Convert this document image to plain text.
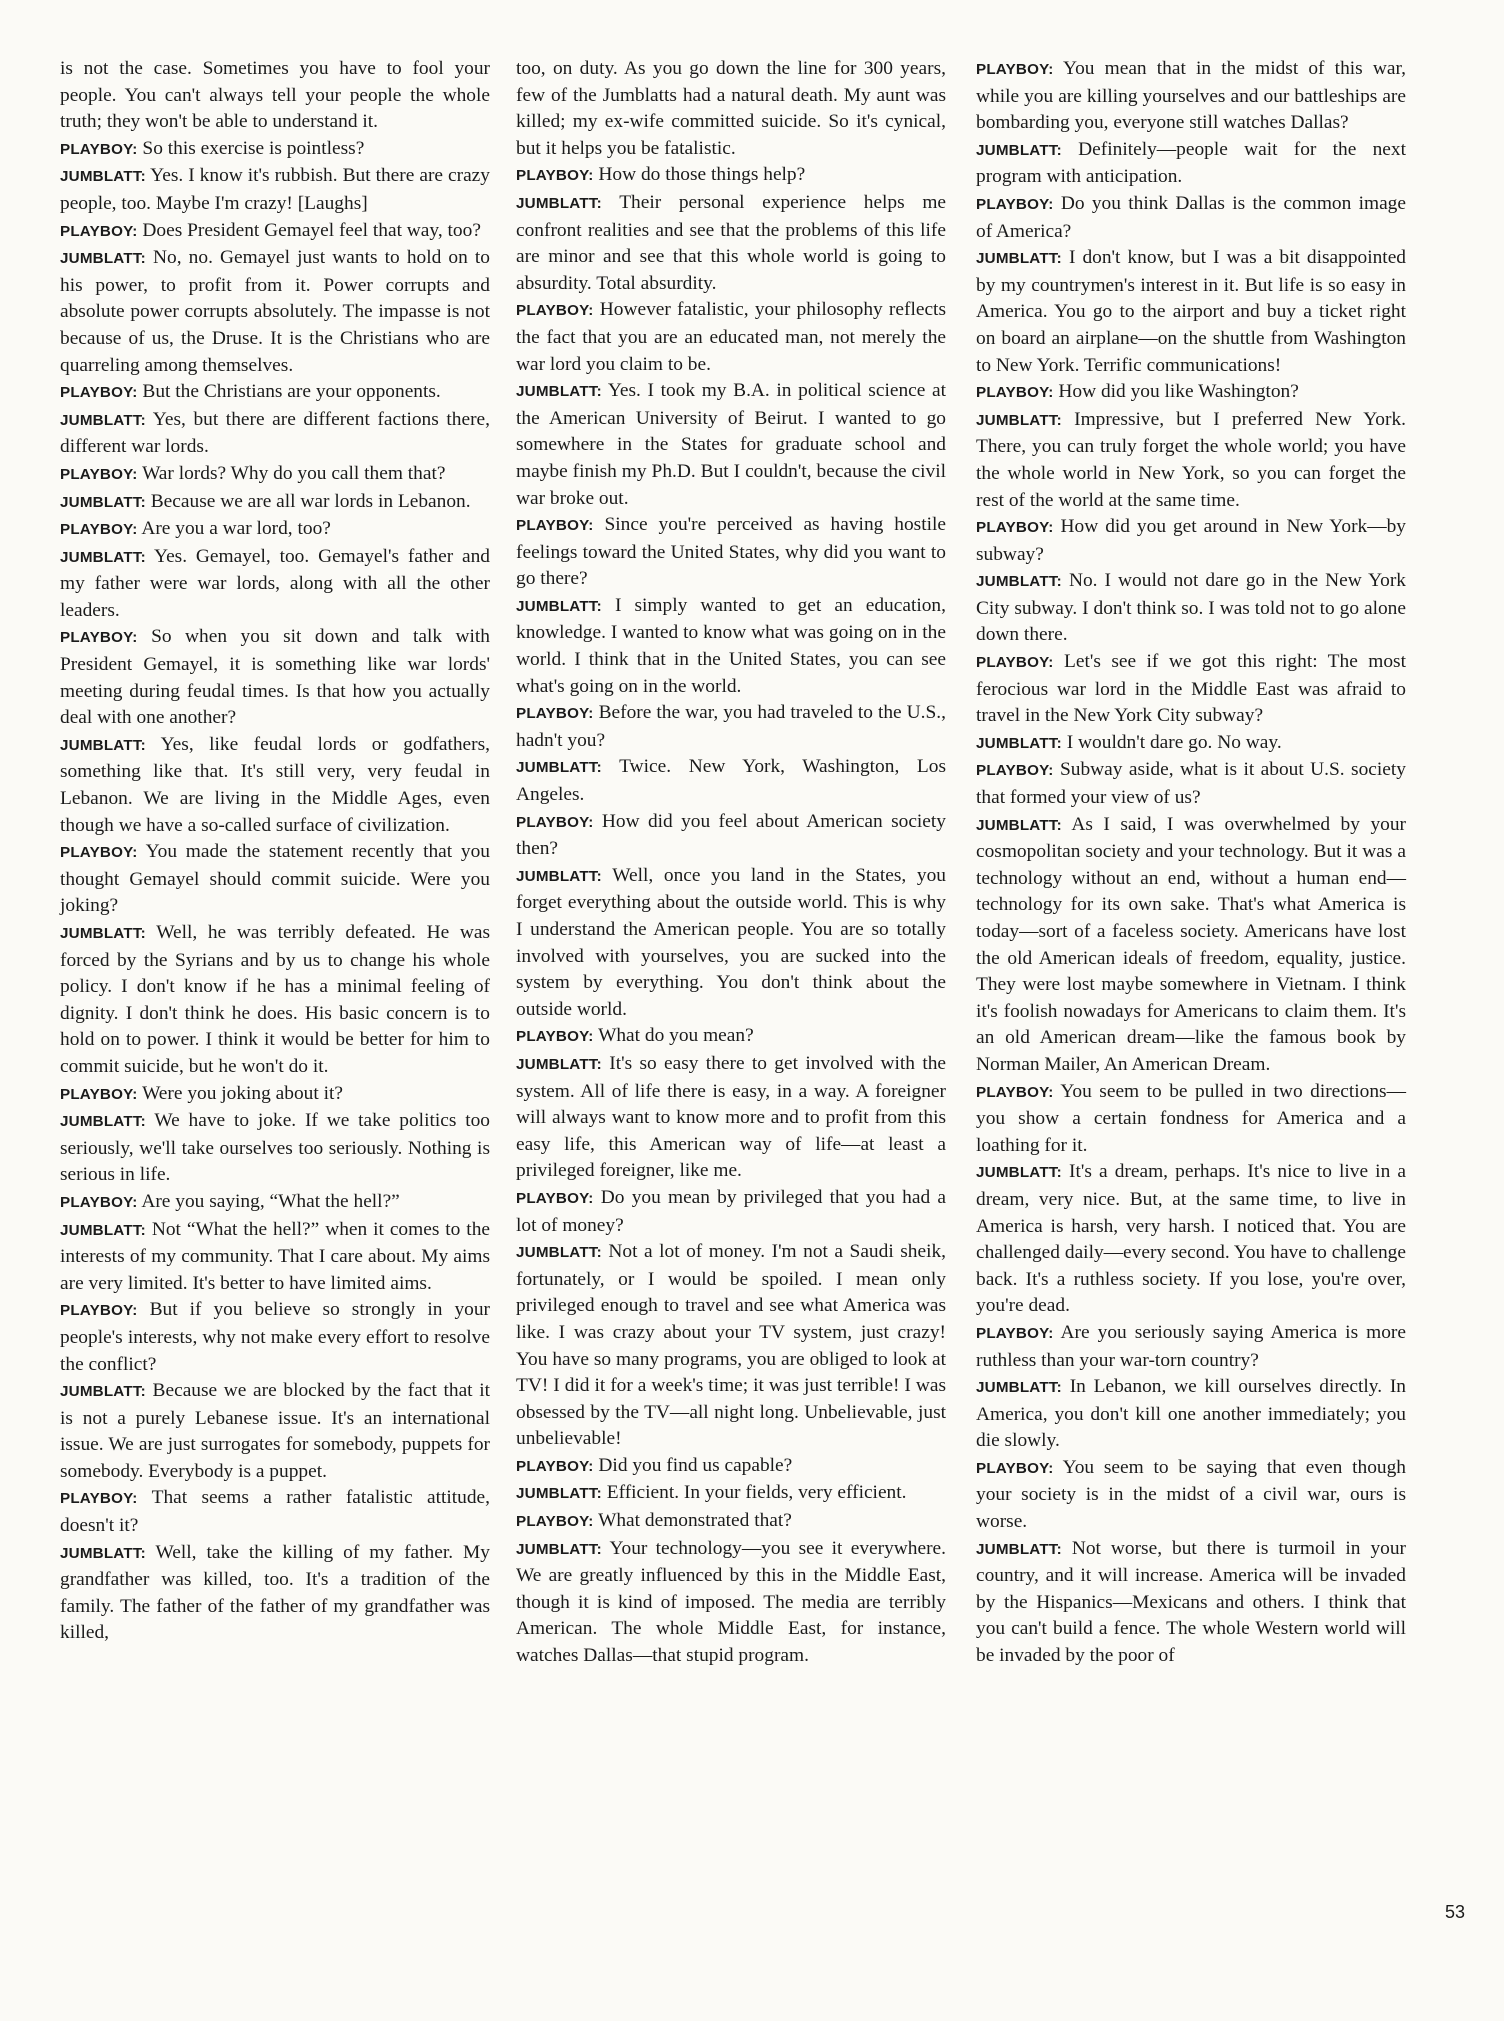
is not the case. Sometimes you have to fool your people. You can't always tell your people the whole truth; they won't be able to understand it.

PLAYBOY: So this exercise is pointless?

JUMBLATT: Yes. I know it's rubbish. But there are crazy people, too. Maybe I'm crazy! [Laughs]

PLAYBOY: Does President Gemayel feel that way, too?

JUMBLATT: No, no. Gemayel just wants to hold on to his power, to profit from it. Power corrupts and absolute power corrupts absolutely. The impasse is not because of us, the Druse. It is the Christians who are quarreling among themselves.

PLAYBOY: But the Christians are your opponents.

JUMBLATT: Yes, but there are different factions there, different war lords.

PLAYBOY: War lords? Why do you call them that?

JUMBLATT: Because we are all war lords in Lebanon.

PLAYBOY: Are you a war lord, too?

JUMBLATT: Yes. Gemayel, too. Gemayel's father and my father were war lords, along with all the other leaders.

PLAYBOY: So when you sit down and talk with President Gemayel, it is something like war lords' meeting during feudal times. Is that how you actually deal with one another?

JUMBLATT: Yes, like feudal lords or godfathers, something like that. It's still very, very feudal in Lebanon. We are living in the Middle Ages, even though we have a so-called surface of civilization.

PLAYBOY: You made the statement recently that you thought Gemayel should commit suicide. Were you joking?

JUMBLATT: Well, he was terribly defeated. He was forced by the Syrians and by us to change his whole policy. I don't know if he has a minimal feeling of dignity. I don't think he does. His basic concern is to hold on to power. I think it would be better for him to commit suicide, but he won't do it.

PLAYBOY: Were you joking about it?

JUMBLATT: We have to joke. If we take politics too seriously, we'll take ourselves too seriously. Nothing is serious in life.

PLAYBOY: Are you saying, “What the hell?”

JUMBLATT: Not “What the hell?” when it comes to the interests of my community. That I care about. My aims are very limited. It's better to have limited aims.

PLAYBOY: But if you believe so strongly in your people's interests, why not make every effort to resolve the conflict?

JUMBLATT: Because we are blocked by the fact that it is not a purely Lebanese issue. It's an international issue. We are just surrogates for somebody, puppets for somebody. Everybody is a puppet.

PLAYBOY: That seems a rather fatalistic attitude, doesn't it?

JUMBLATT: Well, take the killing of my father. My grandfather was killed, too. It's a tradition of the family. The father of the father of my grandfather was killed,

too, on duty. As you go down the line for 300 years, few of the Jumblatts had a natural death. My aunt was killed; my ex-wife committed suicide. So it's cynical, but it helps you be fatalistic.

PLAYBOY: How do those things help?

JUMBLATT: Their personal experience helps me confront realities and see that the problems of this life are minor and see that this whole world is going to absurdity. Total absurdity.

PLAYBOY: However fatalistic, your philosophy reflects the fact that you are an educated man, not merely the war lord you claim to be.

JUMBLATT: Yes. I took my B.A. in political science at the American University of Beirut. I wanted to go somewhere in the States for graduate school and maybe finish my Ph.D. But I couldn't, because the civil war broke out.

PLAYBOY: Since you're perceived as having hostile feelings toward the United States, why did you want to go there?

JUMBLATT: I simply wanted to get an education, knowledge. I wanted to know what was going on in the world. I think that in the United States, you can see what's going on in the world.

PLAYBOY: Before the war, you had traveled to the U.S., hadn't you?

JUMBLATT: Twice. New York, Washington, Los Angeles.

PLAYBOY: How did you feel about American society then?

JUMBLATT: Well, once you land in the States, you forget everything about the outside world. This is why I understand the American people. You are so totally involved with yourselves, you are sucked into the system by everything. You don't think about the outside world.

PLAYBOY: What do you mean?

JUMBLATT: It's so easy there to get involved with the system. All of life there is easy, in a way. A foreigner will always want to know more and to profit from this easy life, this American way of life—at least a privileged foreigner, like me.

PLAYBOY: Do you mean by privileged that you had a lot of money?

JUMBLATT: Not a lot of money. I'm not a Saudi sheik, fortunately, or I would be spoiled. I mean only privileged enough to travel and see what America was like. I was crazy about your TV system, just crazy! You have so many programs, you are obliged to look at TV! I did it for a week's time; it was just terrible! I was obsessed by the TV—all night long. Unbelievable, just unbelievable!

PLAYBOY: Did you find us capable?

JUMBLATT: Efficient. In your fields, very efficient.

PLAYBOY: What demonstrated that?

JUMBLATT: Your technology—you see it everywhere. We are greatly influenced by this in the Middle East, though it is kind of imposed. The media are terribly American. The whole Middle East, for instance, watches Dallas—that stupid program.

PLAYBOY: You mean that in the midst of this war, while you are killing yourselves and our battleships are bombarding you, everyone still watches Dallas?

JUMBLATT: Definitely—people wait for the next program with anticipation.

PLAYBOY: Do you think Dallas is the common image of America?

JUMBLATT: I don't know, but I was a bit disappointed by my countrymen's interest in it. But life is so easy in America. You go to the airport and buy a ticket right on board an airplane—on the shuttle from Washington to New York. Terrific communications!

PLAYBOY: How did you like Washington?

JUMBLATT: Impressive, but I preferred New York. There, you can truly forget the whole world; you have the whole world in New York, so you can forget the rest of the world at the same time.

PLAYBOY: How did you get around in New York—by subway?

JUMBLATT: No. I would not dare go in the New York City subway. I don't think so. I was told not to go alone down there.

PLAYBOY: Let's see if we got this right: The most ferocious war lord in the Middle East was afraid to travel in the New York City subway?

JUMBLATT: I wouldn't dare go. No way.

PLAYBOY: Subway aside, what is it about U.S. society that formed your view of us?

JUMBLATT: As I said, I was overwhelmed by your cosmopolitan society and your technology. But it was a technology without an end, without a human end—technology for its own sake. That's what America is today—sort of a faceless society. Americans have lost the old American ideals of freedom, equality, justice. They were lost maybe somewhere in Vietnam. I think it's foolish nowadays for Americans to claim them. It's an old American dream—like the famous book by Norman Mailer, An American Dream.

PLAYBOY: You seem to be pulled in two directions—you show a certain fondness for America and a loathing for it.

JUMBLATT: It's a dream, perhaps. It's nice to live in a dream, very nice. But, at the same time, to live in America is harsh, very harsh. I noticed that. You are challenged daily—every second. You have to challenge back. It's a ruthless society. If you lose, you're over, you're dead.

PLAYBOY: Are you seriously saying America is more ruthless than your war-torn country?

JUMBLATT: In Lebanon, we kill ourselves directly. In America, you don't kill one another immediately; you die slowly.

PLAYBOY: You seem to be saying that even though your society is in the midst of a civil war, ours is worse.

JUMBLATT: Not worse, but there is turmoil in your country, and it will increase. America will be invaded by the Hispanics—Mexicans and others. I think that you can't build a fence. The whole Western world will be invaded by the poor of

53
